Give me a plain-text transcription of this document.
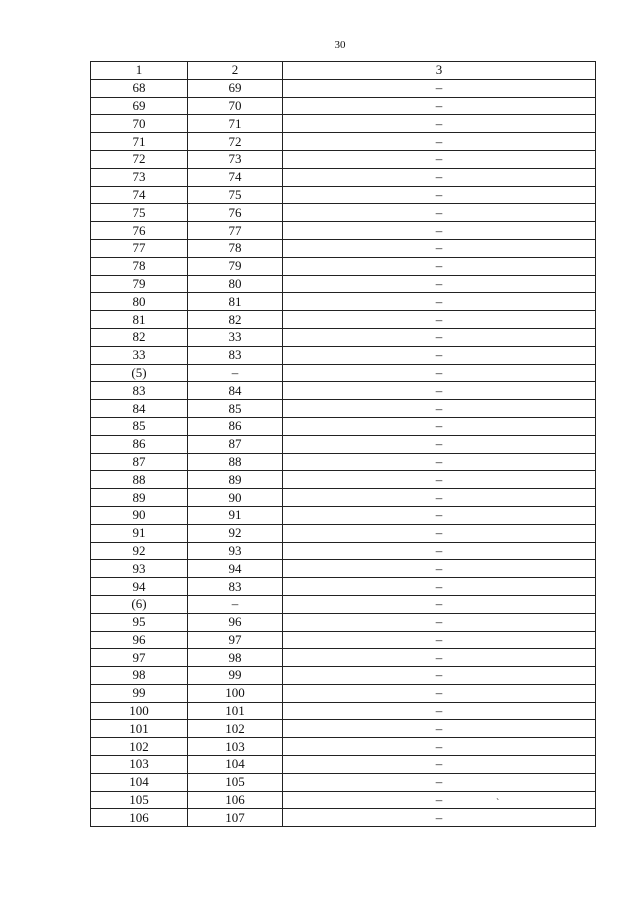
30
1	2	3
68	69	–
69	70	–
70	71	–
71	72	–
72	73	–
73	74	–
74	75	–
75	76	–
76	77	–
77	78	–
78	79	–
79	80	–
80	81	–
81	82	–
82	33	–
33	83	–
(5)	–	–
83	84	–
84	85	–
85	86	–
86	87	–
87	88	–
88	89	–
89	90	–
90	91	–
91	92	–
92	93	–
93	94	–
94	83	–
(6)	–	–
95	96	–
96	97	–
97	98	–
98	99	–
99	100	–
100	101	–
101	102	–
102	103	–
103	104	–
104	105	–
105	106	–
106	107	–
`
